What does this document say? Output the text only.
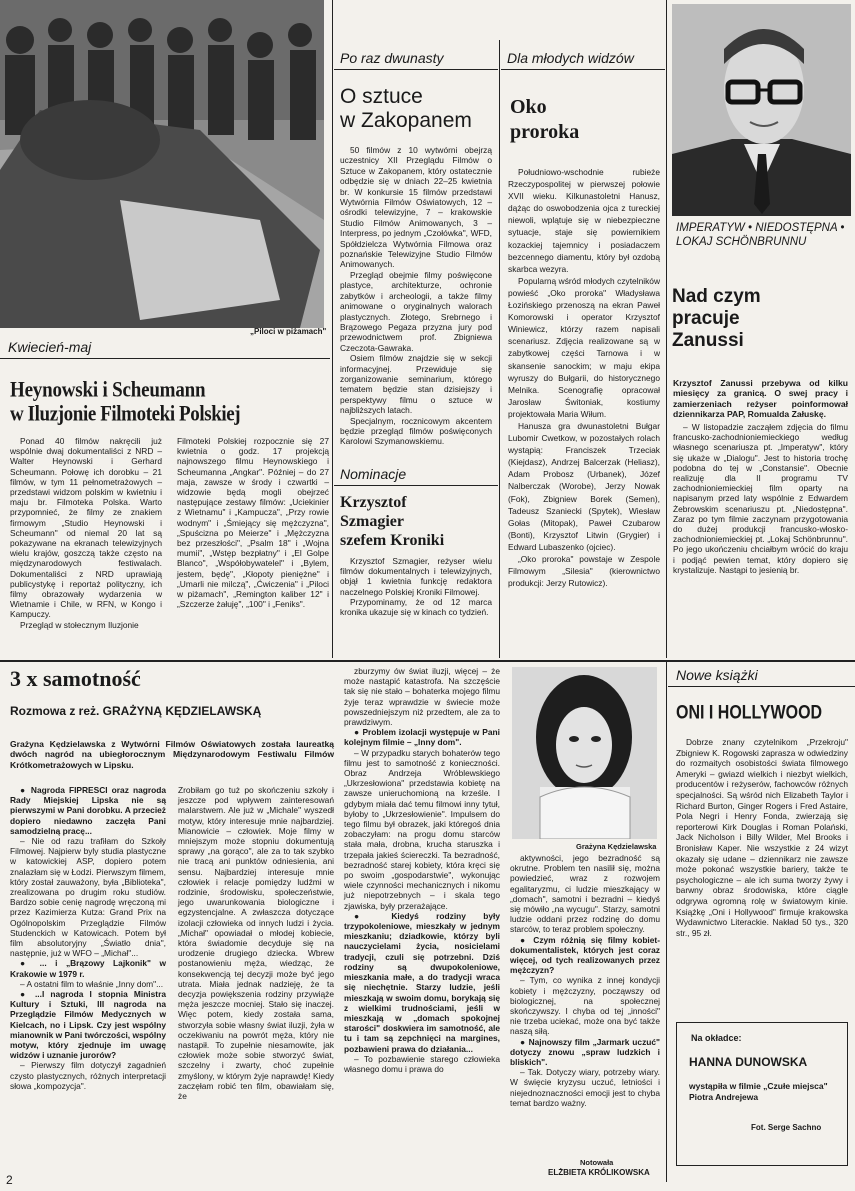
„Piloci w piżamach"
Kwiecień-maj
Heynowski i Scheumann
w Iluzjonie Filmoteki Polskiej

Ponad 40 filmów nakręcili już wspólnie dwaj dokumentaliści z NRD – Walter Heynowski i Gerhard Scheumann. Połowę ich dorobku – 21 filmów, w tym 11 pełnometrażowych – przedstawi widzom polskim w kwietniu i maju br. Filmoteka Polska. Warto przypomnieć, że filmy ze znakiem firmowym „Studio Heynowski i Scheumann" od niemal 20 lat są pokazywane na ekranach telewizyjnych wielu krajów, goszczą także często na międzynarodowych festiwalach. Dokumentaliści z NRD uprawiają publicystykę i reportaż polityczny, ich filmy obrazowały wydarzenia w Wietnamie i Chile, w RFN, w Kongo i Kampuczy.

Przegląd w stołecznym Iluzjonie

Filmoteki Polskiej rozpocznie się 27 kwietnia o godz. 17 projekcją najnowszego filmu Heynowskiego i Scheumanna „Angkar". Później – do 27 maja, zawsze w środy i czwartki – widzowie będą mogli obejrzeć następujące zestawy filmów: „Uciekinier z Wietnamu" i „Kampucza", „Przy rowie wodnym" i „Śmiejący się mężczyzna", „Spuścizna po Meierze" i „Mężczyzna bez przeszłości", „Psalm 18" i „Wojna mumii", „Wstęp bezpłatny" i „El Golpe Blanco", „Współobywatelel" i „Bylem, jestem, będę", „Kłopoty pieniężne" i „Umarli nie milczą", „Ćwiczenia" i „Piloci w piżamach", „Remington kaliber 12" i „Szczerze żałuję", „100" i „Feniks".

Po raz dwunasty
O sztuce
w Zakopanem

50 filmów z 10 wytwórni obejrzą uczestnicy XII Przeglądu Filmów o Sztuce w Zakopanem, który ostatecznie odbędzie się w dniach 22–25 kwietnia br. W konkursie 15 filmów przedstawi Wytwórnia Filmów Oświatowych, 12 – ośrodki telewizyjne, 7 – krakowskie Studio Filmów Animowanych, 3 – Interpress, po jednym „Czołówka", WFD, Spółdzielcza Wytwórnia Filmowa oraz poznańskie Telewizyjne Studio Filmów Animowanych.

Przegląd obejmie filmy poświęcone plastyce, architekturze, ochronie zabytków i archeologii, a także filmy animowane o oryginalnych walorach plastycznych. Złotego, Srebrnego i Brązowego Pegaza przyzna jury pod przewodnictwem prof. Zbigniewa Czeczota-Gawraka.

Osiem filmów znajdzie się w sekcji informacyjnej. Przewiduje się zorganizowanie seminarium, którego tematem będzie stan dzisiejszy i perspektywy filmu o sztuce w najbliższych latach.

Specjalnym, rocznicowym akcentem będzie przegląd filmów poświęconych Karolowi Szymanowskiemu.

Nominacje
Krzysztof
Szmagier
szefem Kroniki

Krzysztof Szmagier, reżyser wielu filmów dokumentalnych i telewizyjnych, objął 1 kwietnia funkcję redaktora naczelnego Polskiej Kroniki Filmowej.

Przypominamy, że od 12 marca kronika ukazuje się w kinach co tydzień.

Dla młodych widzów
Oko
proroka

Południowo-wschodnie rubieże Rzeczypospolitej w pierwszej połowie XVII wieku. Kilkunastoletni Hanusz, dążąc do oswobodzenia ojca z tureckiej niewoli, wplątuje się w niebezpieczne sytuacje, staje się powiernikiem kozackiej tajemnicy i posiadaczem bezcennego diamentu, który był ozdobą skarbca wezyra.

Popularną wśród młodych czytelników powieść „Oko proroka" Władysława Łozińskiego przenoszą na ekran Paweł Komorowski i operator Krzysztof Winiewicz, którzy razem napisali scenariusz. Zdjęcia realizowane są w zabytkowej części Tarnowa i w skansenie sanockim; w maju ekipa wyruszy do Bułgarii, do historycznego Melnika. Scenografię opracował Jarosław Świtoniak, kostiumy projektowała Maria Wiłum.

Hanusza gra dwunastoletni Bułgar Lubomir Cwetkow, w pozostałych rolach wystąpią: Franciszek Trzeciak (Kiejdasz), Andrzej Balcerzak (Heliasz), Adam Probosz (Urbanek), Józef Nalberczak (Worobe), Jerzy Nowak (Fok), Zbigniew Borek (Semen), Tadeusz Szaniecki (Spytek), Wiesław Gołas (Mitopak), Paweł Czubarow (Bonti), Krzysztof Litwin (Grygier) i Edward Lubaszenko (ojciec).

„Oko proroka" powstaje w Zespole Filmowym „Silesia" (kierownictwo produkcji: Jerzy Rutowicz).

IMPERATYW • NIEDOSTĘPNA • LOKAJ SCHÖNBRUNNU
Nad czym
pracuje
Zanussi
Krzysztof Zanussi przebywa od kilku miesięcy za granicą. O swej pracy i zamierzeniach reżyser poinformował dziennikarza PAP, Romualda Załuskę.

– W listopadzie zacząłem zdjęcia do filmu francusko-zachodnioniemieckiego według własnego scenariusza pt. „Imperatyw", który się ukaże w „Dialogu". Jest to historia trochę podobna do tej w „Constansie". Obecnie realizuję dla II programu TV zachodnioniemieckiej film oparty na napisanym przed laty wspólnie z Edwardem Żebrowskim scenariuszu pt. „Niedostępna". Zaraz po tym filmie zaczynam przygotowania do dużej produkcji francusko-włosko-zachodnioniemieckiej pt. „Lokaj Schönbrunnu". Po jego ukończeniu chciałbym wrócić do kraju i podjąć pewien temat, który dopiero się krystalizuje. Nastąpi to jesienią br.

3 x samotność
Rozmowa z reż. GRAŻYNĄ KĘDZIELAWSKĄ
Grażyna Kędzielawska z Wytwórni Filmów Oświatowych została laureatką dwóch nagród na ubiegłorocznym Międzynarodowym Festiwalu Filmów Krótkometrażowych w Lipsku.

● Nagroda FIPRESCI oraz nagroda Rady Miejskiej Lipska nie są pierwszymi w Pani dorobku. A przecież dopiero niedawno zaczęła Pani samodzielną pracę...

– Nie od razu trafiłam do Szkoły Filmowej. Najpierw byly studia plastyczne w katowickiej ASP, dopiero potem znalazłam się w Łodzi. Pierwszym filmem, który został zauważony, była „Biblioteka", zrealizowana po drugim roku studiów. Bardzo sobie cenię nagrodę wręczoną mi przez Kazimierza Kutza: Grand Prix na Ogólnopolskim Przeglądzie Filmów Studenckich w Katowicach. Potem był film absolutoryjny „Światło dnia", następnie, już w WFO – „Michał"...

● ... i „Brązowy Lajkonik" w Krakowie w 1979 r.

– A ostatni film to właśnie „Inny dom"...

● ...I nagroda I stopnia Ministra Kultury i Sztuki, III nagroda na Przeglądzie Filmów Medycznych w Kielcach, no i Lipsk. Czy jest wspólny mianownik w Pani twórczości, wspólny motyw, który zjednuje im uwagę widzów i uznanie jurorów?

– Pierwszy film dotyczył zagadnień czysto plastycznych, różnych interpretacji słowa „kompozycja".

Zrobiłam go tuż po skończeniu szkoły i jeszcze pod wpływem zainteresowań malarstwem. Ale już w „Michale" wyszedł motyw, który interesuje mnie najbardziej. Mianowicie – człowiek. Moje filmy w mniejszym może stopniu dokumentują sprawy „na gorąco", ale za to tak szybko nie tracą ani punktów odniesienia, ani sensu. Najbardziej interesuje mnie człowiek i relacje pomiędzy ludźmi w rodzinie, środowisku, społeczeństwie, jego uwarunkowania biologiczne i egzystencjalne. A zwłaszcza dotyczące izolacji człowieka od innych ludzi i życia. „Michał" opowiadał o młodej kobiecie, która świadomie decyduje się na urodzenie drugiego dziecka. Wbrew postanowieniu męża, wiedząc, że konsekwencją tej decyzji może być jego utrata. Miała jednak nadzieję, że ta decyzja powiększenia rodziny przywiąże męża jeszcze mocniej. Stało się inaczej. Więc potem, kiedy została sama, stworzyła sobie własny świat iluzji, żyła w oczekiwaniu na powrót męża, który nie nastąpił. To zupełnie niesamowite, jak człowiek może sobie stworzyć świat, szczelny i zwarty, choć zupełnie zmyślony, w którym żyje naprawdę! Kiedy zaczęłam robić ten film, obawiałam się, że

zburzymy ów świat iluzji, więcej – że może nastąpić katastrofa. Na szczęście tak się nie stało – bohaterka mojego filmu żyje teraz wprawdzie w świecie może powszedniejszym niż przedtem, ale za to prawdziwym.

● Problem izolacji występuje w Pani kolejnym filmie – „Inny dom".

– W przypadku starych bohaterów tego filmu jest to samotność z konieczności. Obraz Andrzeja Wróblewskiego „Ukrzesłowiona" przedstawia kobietę na zawsze unieruchomioną na krześle. I gdybym miała dać temu filmowi inny tytuł, byłoby to „Ukrzesłowienie". Impulsem do tego filmu był obrazek, jaki któregoś dnia zobaczyłam: na progu domu starców stała mała, drobna, krucha staruszka i trzepała jakieś ściereczki. Ta bezradność, bezradność starej kobiety, która kręci się po swoim „gospodarstwie", wykonując wiele czynności mechanicznych i nikomu już niepotrzebnych – i skala tego zjawiska, były przerażające.

● Kiedyś rodziny były trzypokoleniowe, mieszkały w jednym mieszkaniu; dziadkowie, którzy byli nauczycielami życia, nosicielami tradycji, czuli się potrzebni. Dziś rodziny są dwupokoleniowe, mieszkania małe, a do tradycji wraca się niechętnie. Starzy ludzie, jeśli mieszkają w swoim domu, borykają się z wielkimi trudnościami, jeśli w mieszkają w „domach spokojnej starości" doskwiera im samotność, ale tu i tam są zepchnięci na margines, pozbawieni prawa do działania...

– To pozbawienie starego człowieka własnego domu i prawa do

Grażyna Kędzielawska

aktywności, jego bezradność są okrutne. Problem ten nasilił się, można powiedzieć, wraz z rozwojem egalitaryzmu, ci ludzie mieszkający w „domach", samotni i bezradni – kiedyś się mówiło „na wycugu". Starzy, samotni ludzie oddani przez rodzinę do domu starców, to teraz problem społeczny.

● Czym różnią się filmy kobiet-dokumentalistek, których jest coraz więcej, od tych realizowanych przez mężczyzn?

– Tym, co wynika z innej kondycji kobiety i mężczyzny, począwszy od biologicznej, na społecznej skończywszy. I chyba od tej „inności" nie trzeba uciekać, może ona być także naszą siłą.

● Najnowszy film „Jarmark uczuć" dotyczy znowu „spraw ludzkich i bliskich".

– Tak. Dotyczy wiary, potrzeby wiary. W święcie kryzysu uczuć, letniości i niejednoznaczności emocji jest to chyba temat bardzo ważny.

Notowała
ELŻBIETA KRÓLIKOWSKA
Nowe książki
ONI I HOLLYWOOD

Dobrze znany czytelnikom „Przekroju" Zbigniew K. Rogowski zaprasza w odwiedziny do rozmaitych osobistości świata filmowego Ameryki – gwiazd wielkich i niezbyt wielkich, producentów i reżyserów, fachowców różnych specjalności. Są wśród nich Elizabeth Taylor i Richard Burton, Ginger Rogers i Fred Astaire, Pola Negri i Henry Fonda, zwierzają się reporterowi Kirk Douglas i Roman Polański, Jack Nicholson i Billy Wilder, Mel Brooks i Bronisław Kaper. Nie wszystkie z 24 wizyt okazały się udane – dziennikarz nie zawsze może pokonać wszystkie bariery, także te psychologiczne – ale ich suma tworzy żywy i barwny obraz środowiska, które ciągle odgrywa ogromną rolę w światowym kinie. Książkę „Oni i Hollywood" firmuje krakowska Wydawnictwo Literackie. Nakład 50 tys., 320 str., 95 zł.

Na okładce:
HANNA DUNOWSKA
wystąpiła w filmie „Czułe miejsca" Piotra Andrejewa
Fot. Serge Sachno
2
